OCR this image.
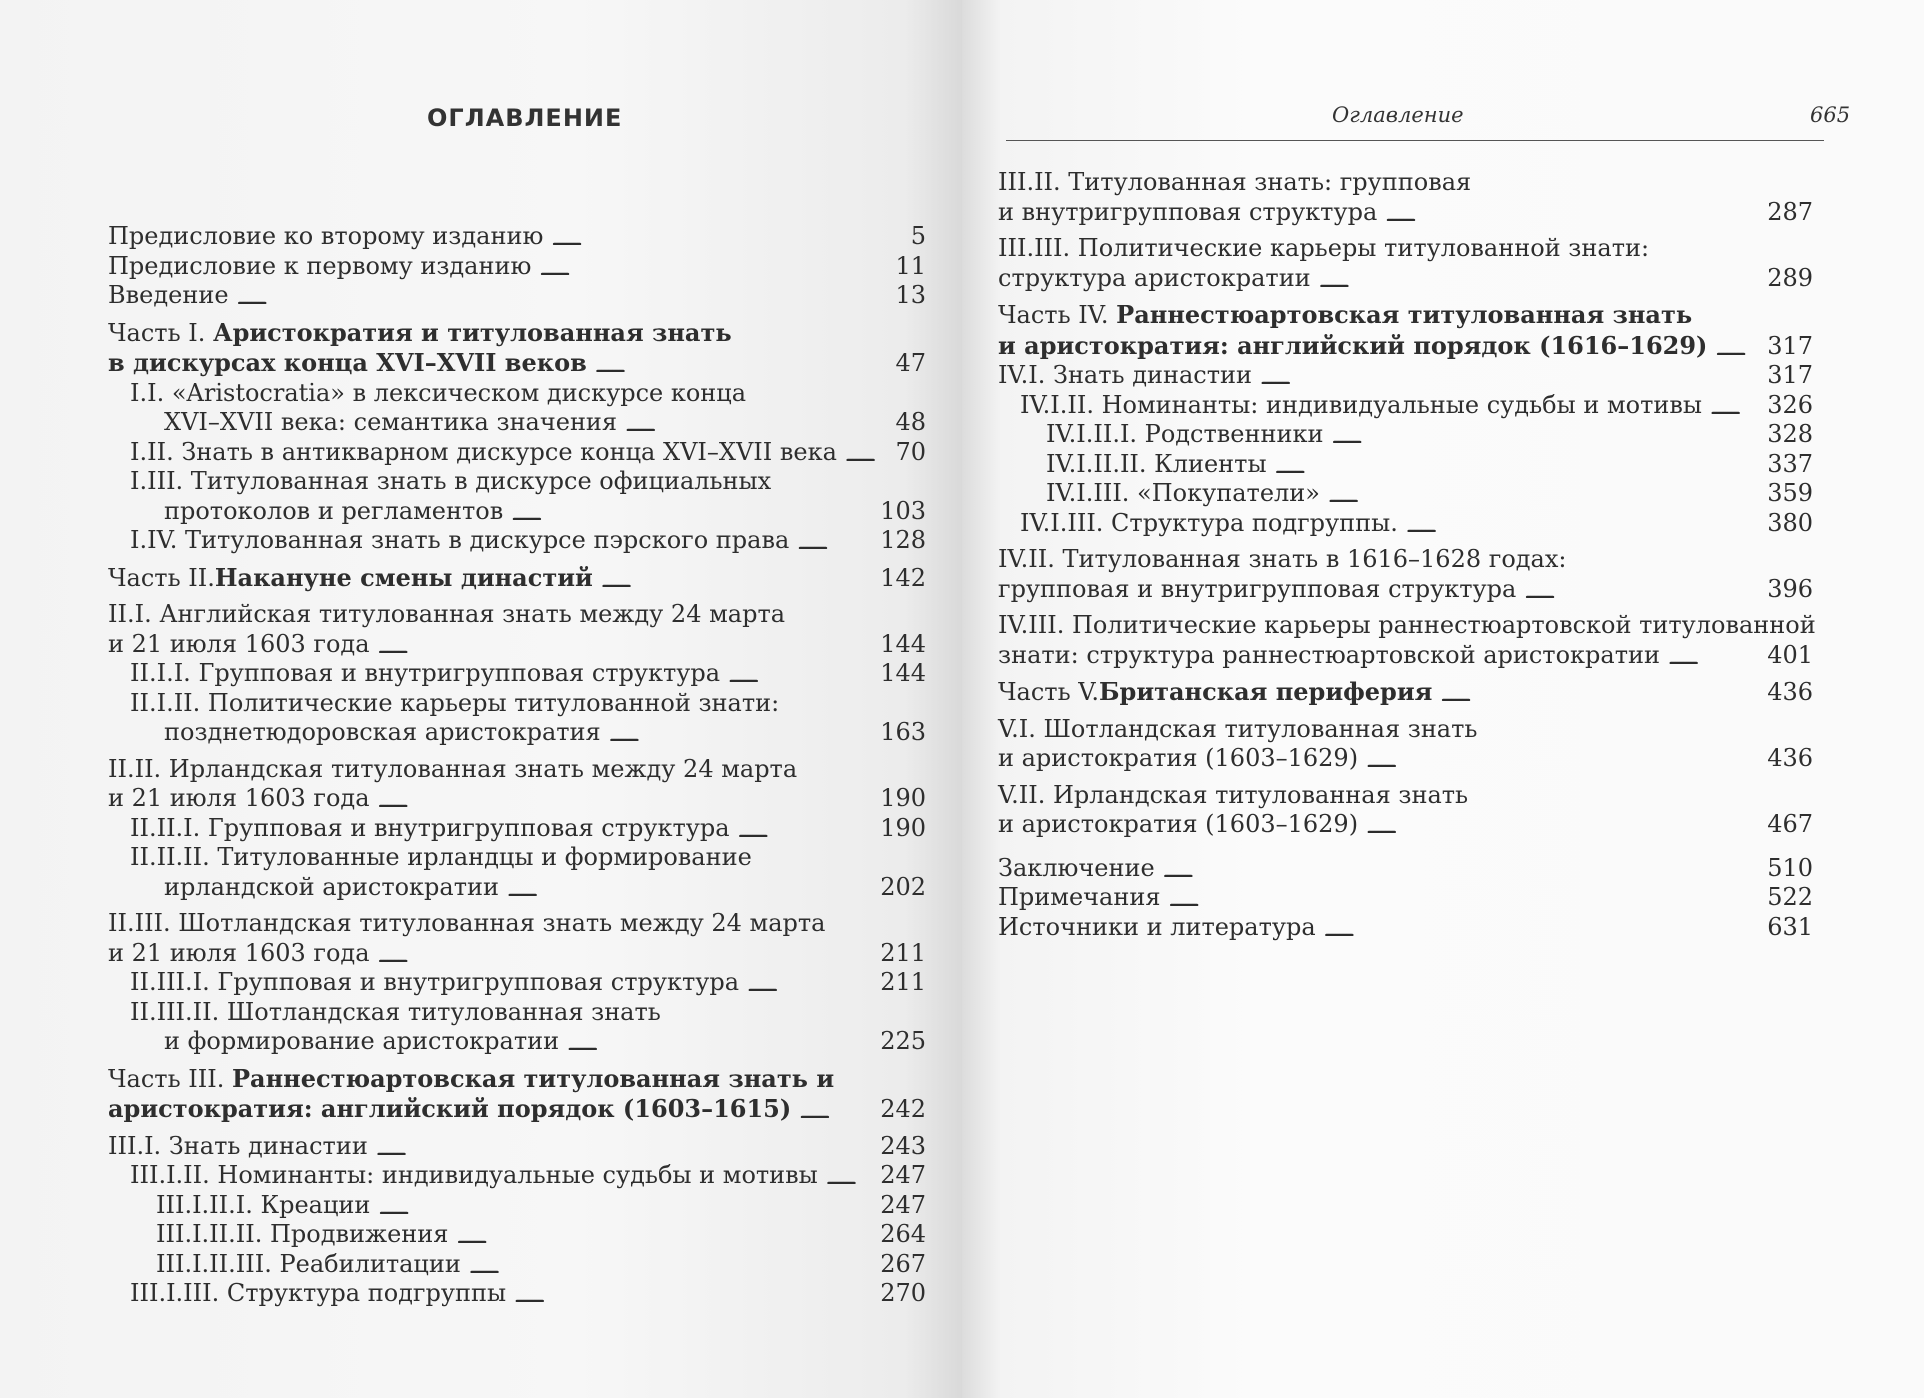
ОГЛАВЛЕНИЕ
Предисловие ко второму изданию . . .	5
Предисловие к первому изданию . . .	11
Введение . . .	13
Часть I. Аристократия и титулованная знать
в дискурсах конца XVI–XVII веков . . .	47
I.I. «Aristocratia» в лексическом дискурсе конца
XVI–XVII века: семантика значения . . .	48
I.II. Знать в антикварном дискурсе конца XVI–XVII века . . . 70
I.III. Титулованная знать в дискурсе официальных
протоколов и регламентов . . .	103
I.IV. Титулованная знать в дискурсе пэрского права . . .	128
Часть II. Накануне смены династий . . .	142
II.I. Английская титулованная знать между 24 марта
и 21 июля 1603 года . . .	144
II.I.I. Групповая и внутригрупповая структура . . .	144
II.I.II. Политические карьеры титулованной знати:
позднетюдоровская аристократия . . .	163
II.II. Ирландская титулованная знать между 24 марта
и 21 июля 1603 года . . .	190
II.II.I. Групповая и внутригрупповая структура . . .	190
II.II.II. Титулованные ирландцы и формирование
ирландской аристократии . . .	202
II.III. Шотландская титулованная знать между 24 марта
и 21 июля 1603 года . . .	211
II.III.I. Групповая и внутригрупповая структура . . .	211
II.III.II. Шотландская титулованная знать
и формирование аристократии . . .	225
Часть III. Раннестюартовская титулованная знать и
аристократия: английский порядок (1603–1615) . . .	242
III.I. Знать династии . . .	243
III.I.II. Номинанты: индивидуальные судьбы и мотивы . . .	247
III.I.II.I. Креации . . .	247
III.I.II.II. Продвижения . . .	264
III.I.II.III. Реабилитации . . .	267
III.I.III. Структура подгруппы . . .	270
Оглавление	665
III.II. Титулованная знать: групповая
и внутригрупповая структура . . .	287
III.III. Политические карьеры титулованной знати:
структура аристократии . . .	289
Часть IV. Раннестюартовская титулованная знать
и аристократия: английский порядок (1616–1629) . . . 317
IV.I. Знать династии . . .	317
IV.I.II. Номинанты: индивидуальные судьбы и мотивы . . .	326
IV.I.II.I. Родственники . . .	328
IV.I.II.II. Клиенты . . .	337
IV.I.III. «Покупатели» . . .	359
IV.I.III. Структура подгруппы. . . .	380
IV.II. Титулованная знать в 1616–1628 годах:
групповая и внутригрупповая структура . . .	396
IV.III. Политические карьеры раннестюартовской титулованной
знати: структура раннестюартовской аристократии . . .	401
Часть V. Британская периферия . . .	436
V.I. Шотландская титулованная знать
и аристократия (1603–1629) . . .	436
V.II. Ирландская титулованная знать
и аристократия (1603–1629) . . .	467
Заключение . . .	510
Примечания . . .	522
Источники и литература . . .	631
